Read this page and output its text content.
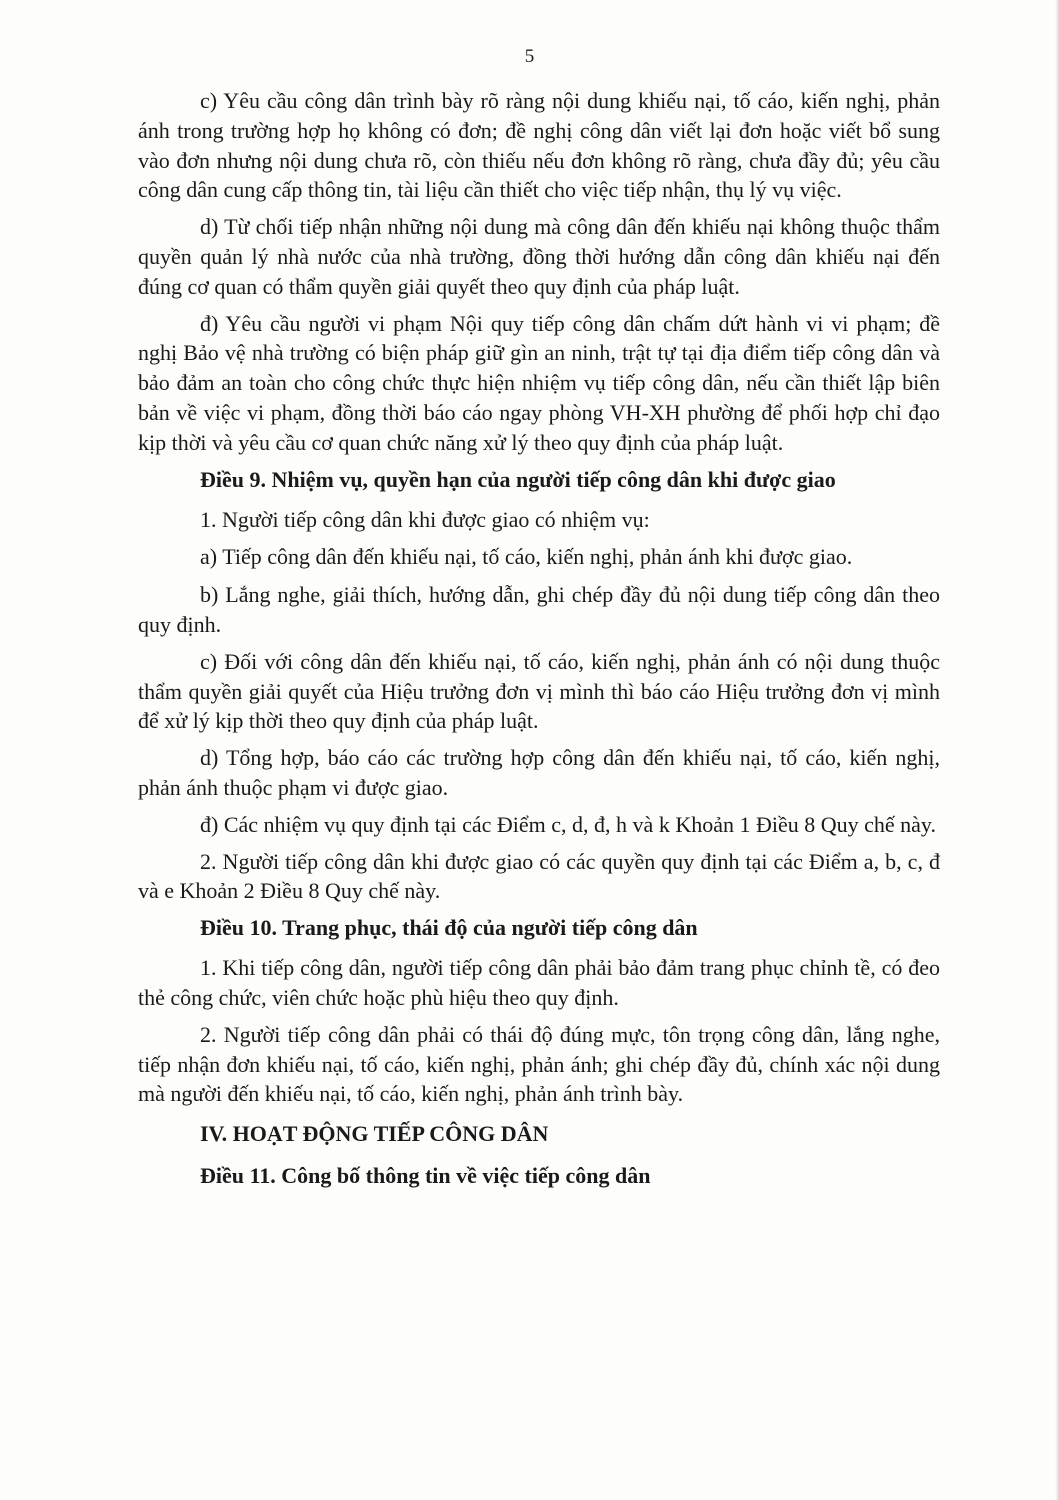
5

c) Yêu cầu công dân trình bày rõ ràng nội dung khiếu nại, tố cáo, kiến nghị, phản ánh trong trường hợp họ không có đơn; đề nghị công dân viết lại đơn hoặc viết bổ sung vào đơn nhưng nội dung chưa rõ, còn thiếu nếu đơn không rõ ràng, chưa đầy đủ; yêu cầu công dân cung cấp thông tin, tài liệu cần thiết cho việc tiếp nhận, thụ lý vụ việc.

d) Từ chối tiếp nhận những nội dung mà công dân đến khiếu nại không thuộc thẩm quyền quản lý nhà nước của nhà trường, đồng thời hướng dẫn công dân khiếu nại đến đúng cơ quan có thẩm quyền giải quyết theo quy định của pháp luật.

đ) Yêu cầu người vi phạm Nội quy tiếp công dân chấm dứt hành vi vi phạm; đề nghị Bảo vệ nhà trường có biện pháp giữ gìn an ninh, trật tự tại địa điểm tiếp công dân và bảo đảm an toàn cho công chức thực hiện nhiệm vụ tiếp công dân, nếu cần thiết lập biên bản về việc vi phạm, đồng thời báo cáo ngay phòng VH-XH phường để phối hợp chỉ đạo kịp thời và yêu cầu cơ quan chức năng xử lý theo quy định của pháp luật.

Điều 9. Nhiệm vụ, quyền hạn của người tiếp công dân khi được giao

1. Người tiếp công dân khi được giao có nhiệm vụ:

a) Tiếp công dân đến khiếu nại, tố cáo, kiến nghị, phản ánh khi được giao.

b) Lắng nghe, giải thích, hướng dẫn, ghi chép đầy đủ nội dung tiếp công dân theo quy định.

c) Đối với công dân đến khiếu nại, tố cáo, kiến nghị, phản ánh có nội dung thuộc thẩm quyền giải quyết của Hiệu trưởng đơn vị mình thì báo cáo Hiệu trưởng đơn vị mình để xử lý kịp thời theo quy định của pháp luật.

d) Tổng hợp, báo cáo các trường hợp công dân đến khiếu nại, tố cáo, kiến nghị, phản ánh thuộc phạm vi được giao.

đ) Các nhiệm vụ quy định tại các Điểm c, d, đ, h và k Khoản 1 Điều 8 Quy chế này.

2. Người tiếp công dân khi được giao có các quyền quy định tại các Điểm a, b, c, đ và e Khoản 2 Điều 8 Quy chế này.

Điều 10. Trang phục, thái độ của người tiếp công dân

1. Khi tiếp công dân, người tiếp công dân phải bảo đảm trang phục chỉnh tề, có đeo thẻ công chức, viên chức hoặc phù hiệu theo quy định.

2. Người tiếp công dân phải có thái độ đúng mực, tôn trọng công dân, lắng nghe, tiếp nhận đơn khiếu nại, tố cáo, kiến nghị, phản ánh; ghi chép đầy đủ, chính xác nội dung mà người đến khiếu nại, tố cáo, kiến nghị, phản ánh trình bày.

IV. HOẠT ĐỘNG TIẾP CÔNG DÂN

Điều 11. Công bố thông tin về việc tiếp công dân
